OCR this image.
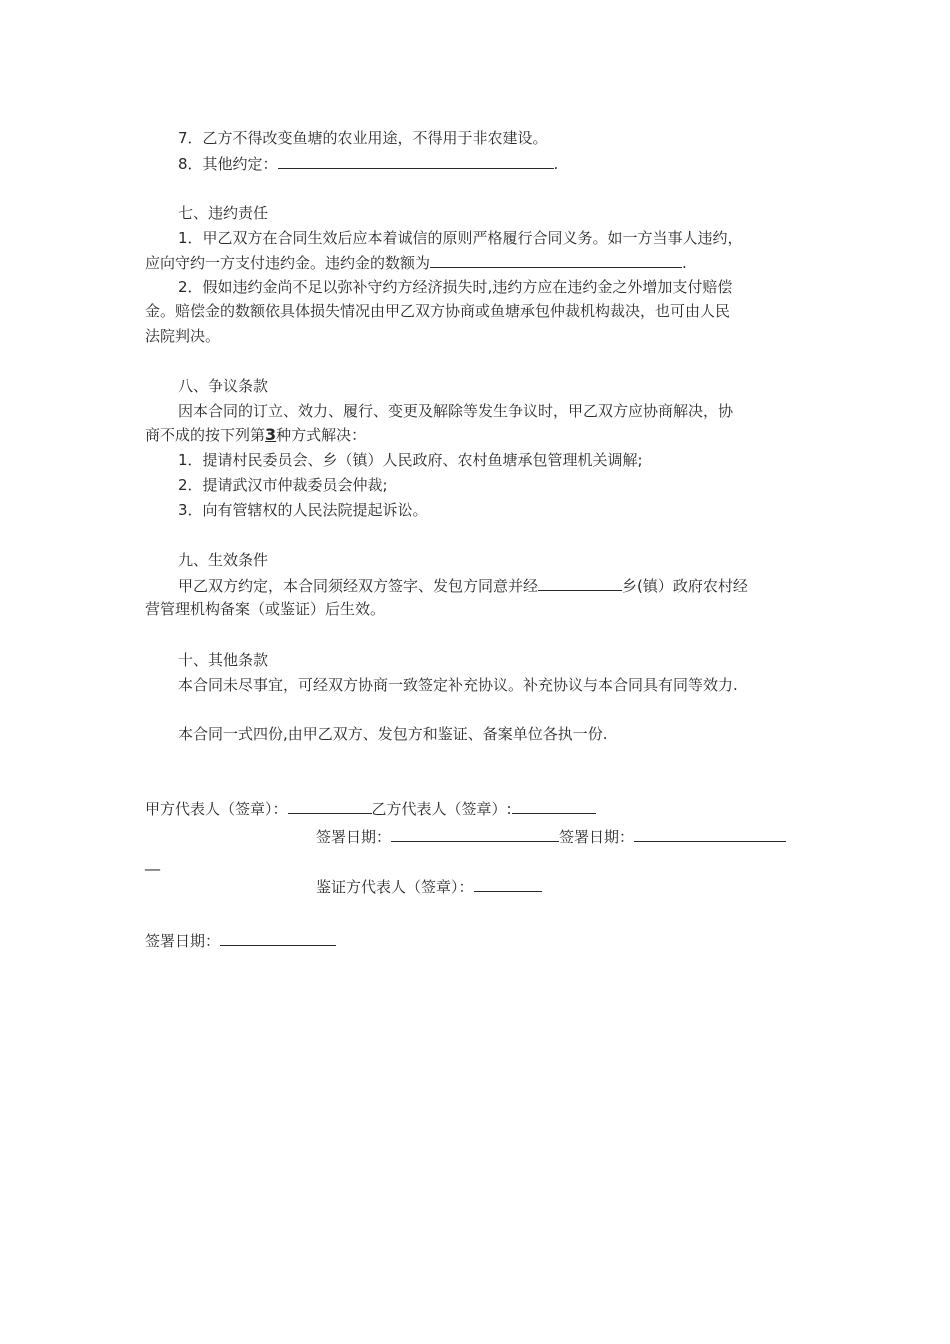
7．乙方不得改变鱼塘的农业用途，不得用于非农建设。
8．其他约定：	.
七、违约责任
1．甲乙双方在合同生效后应本着诚信的原则严格履行合同义务。如一方当事人违约，
应向守约一方支付违约金。违约金的数额为	.
2．假如违约金尚不足以弥补守约方经济损失时,违约方应在违约金之外增加支付赔偿
金。赔偿金的数额依具体损失情况由甲乙双方协商或鱼塘承包仲裁机构裁决，也可由人民
法院判决。
八、争议条款
因本合同的订立、效力、履行、变更及解除等发生争议时，甲乙双方应协商解决，协
商不成的按下列第3种方式解决：
1．提请村民委员会、乡（镇）人民政府、农村鱼塘承包管理机关调解;
2．提请武汉市仲裁委员会仲裁;
3．向有管辖权的人民法院提起诉讼。
九、生效条件
甲乙双方约定，本合同须经双方签字、发包方同意并经	乡(镇）政府农村经
营管理机构备案（或鉴证）后生效。
十、其他条款
本合同未尽事宜，可经双方协商一致签定补充协议。补充协议与本合同具有同等效力.
本合同一式四份,由甲乙双方、发包方和鉴证、备案单位各执一份.
甲方代表人（签章）：	乙方代表人（签章）:
签署日期：	签署日期：
__
鉴证方代表人（签章）：
签署日期：
